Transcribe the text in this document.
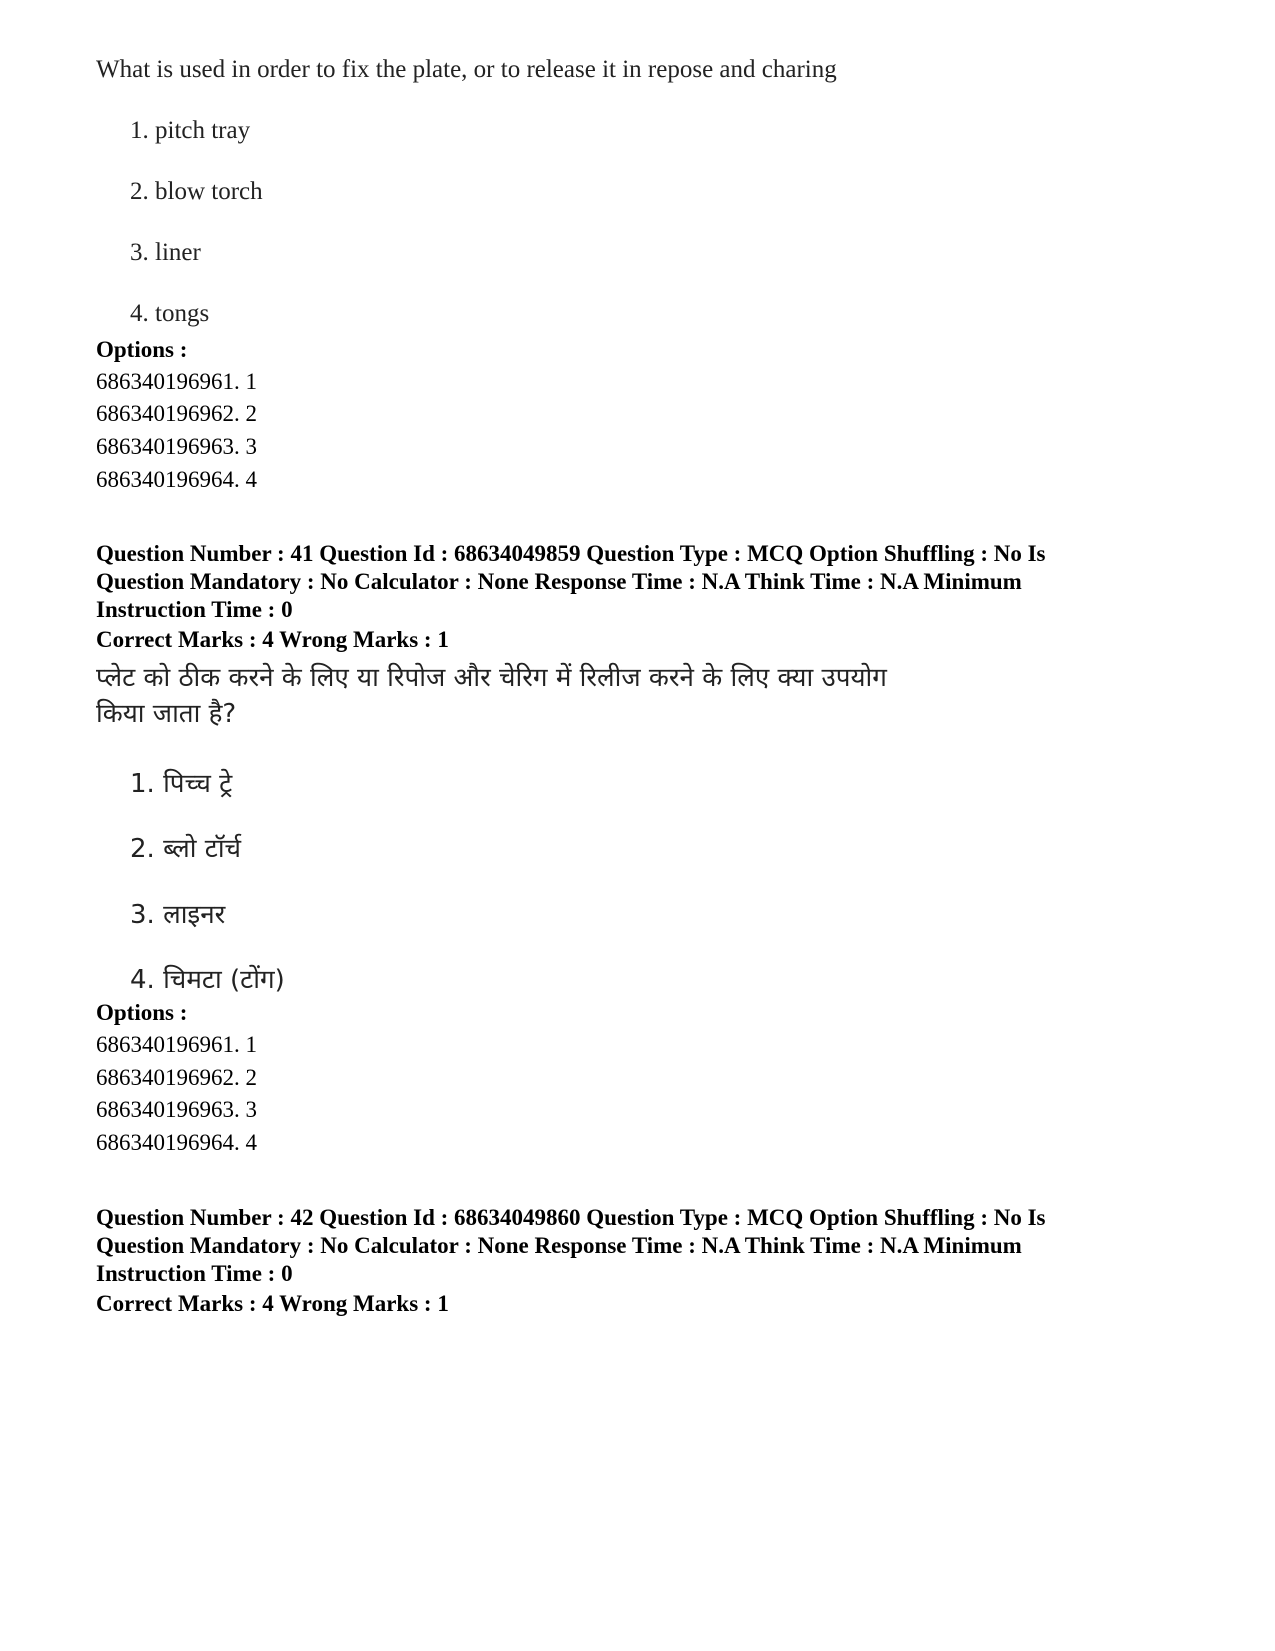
What is used in order to fix the plate, or to release it in repose and charing
1. pitch tray
2. blow torch
3. liner
4. tongs
Options :
686340196961. 1
686340196962. 2
686340196963. 3
686340196964. 4
Question Number : 41 Question Id : 68634049859 Question Type : MCQ Option Shuffling : No Is
Question Mandatory : No Calculator : None Response Time : N.A Think Time : N.A Minimum
Instruction Time : 0
Correct Marks : 4 Wrong Marks : 1
प्लेट को ठीक करने के लिए या रिपोज और चेरिग में रिलीज करने के लिए क्या उपयोग
किया जाता है?
1. पिच्च ट्रे
2. ब्लो टॉर्च
3. लाइनर
4. चिमटा (टोंग)
Options :
686340196961. 1
686340196962. 2
686340196963. 3
686340196964. 4
Question Number : 42 Question Id : 68634049860 Question Type : MCQ Option Shuffling : No Is
Question Mandatory : No Calculator : None Response Time : N.A Think Time : N.A Minimum
Instruction Time : 0
Correct Marks : 4 Wrong Marks : 1
